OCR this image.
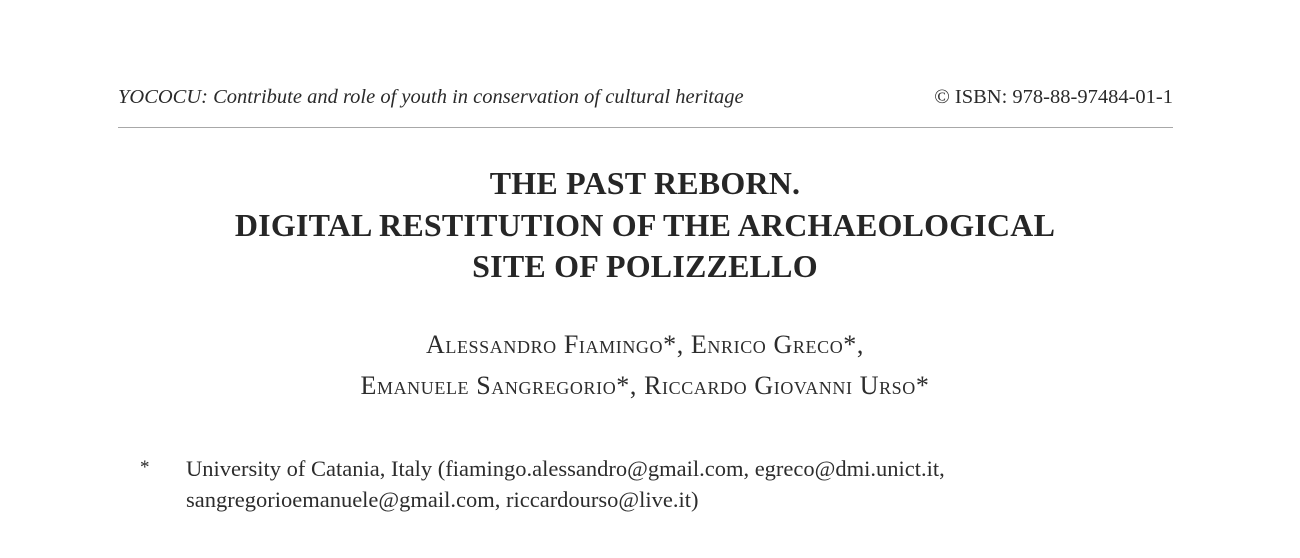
YOCOCU: Contribute and role of youth in conservation of cultural heritage	© ISBN: 978-88-97484-01-1
THE PAST REBORN.
DIGITAL RESTITUTION OF THE ARCHAEOLOGICAL
SITE OF POLIZZELLO
Alessandro Fiamingo*, Enrico Greco*,
Emanuele Sangregorio*, Riccardo Giovanni Urso*
* University of Catania, Italy (fiamingo.alessandro@gmail.com, egreco@dmi.unict.it,
sangregorioemanuele@gmail.com, riccardourso@live.it)
